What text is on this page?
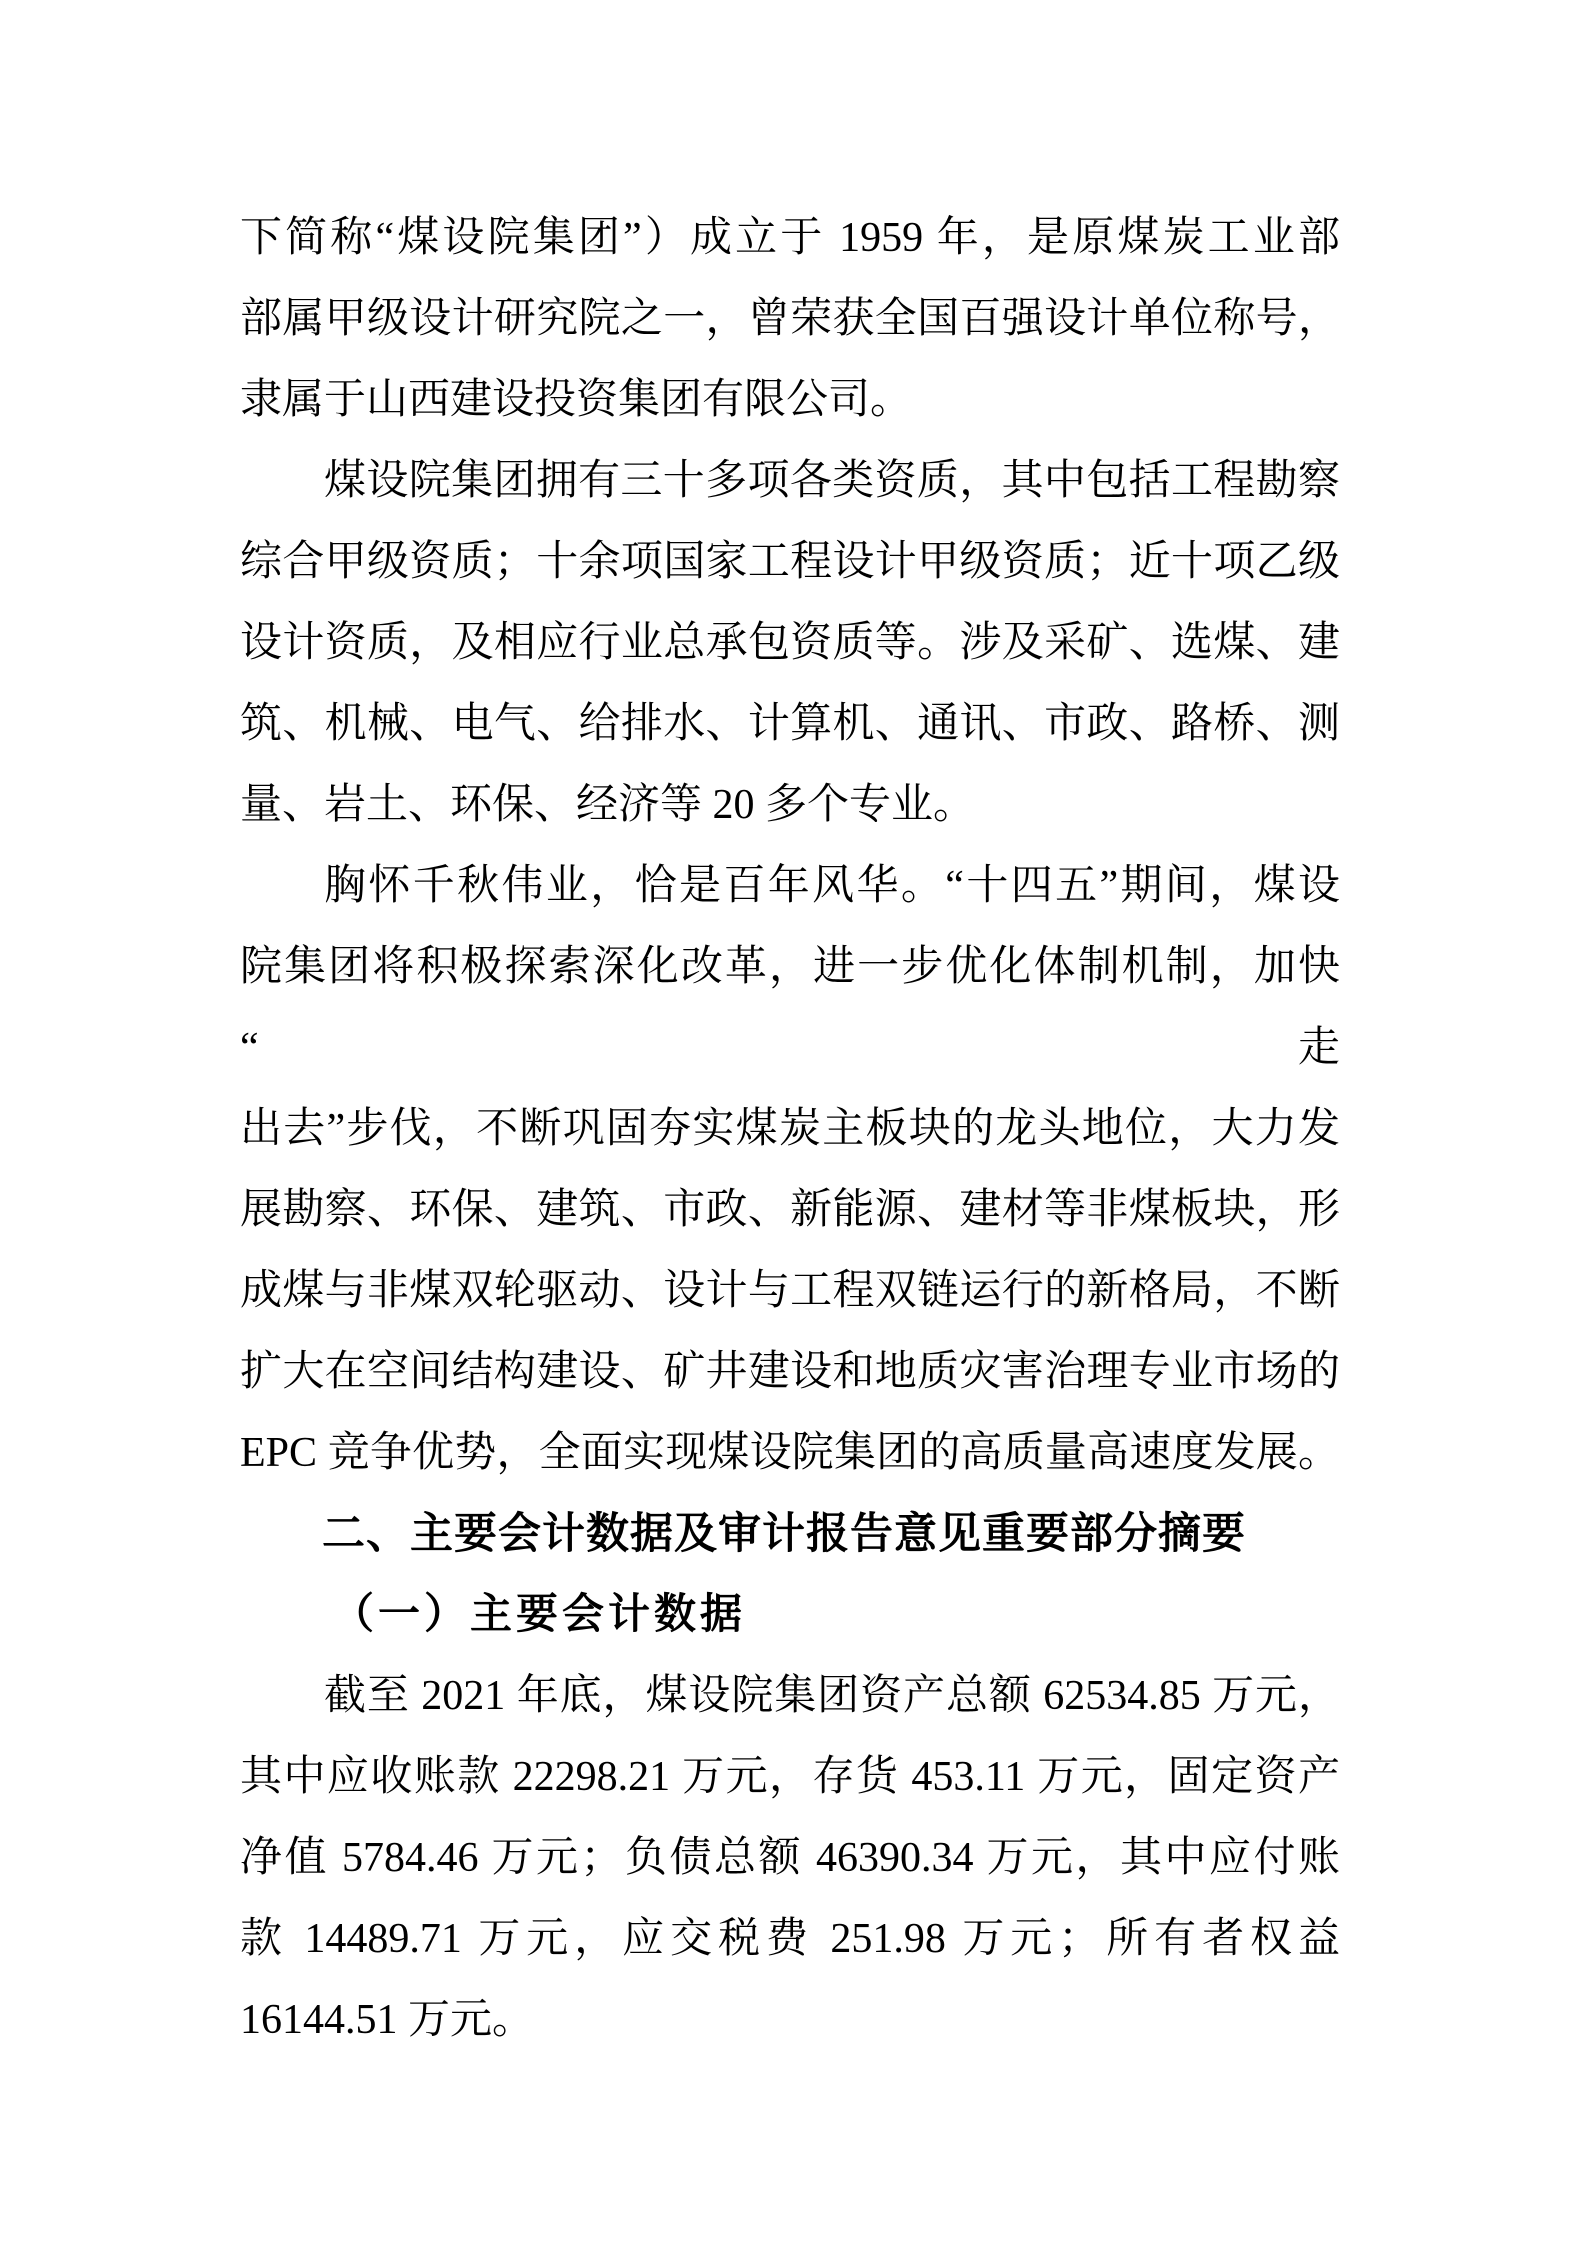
下简称“煤设院集团”）成立于 1959 年，是原煤炭工业部
部属甲级设计研究院之一，曾荣获全国百强设计单位称号，
隶属于山西建设投资集团有限公司。
煤设院集团拥有三十多项各类资质，其中包括工程勘察
综合甲级资质；十余项国家工程设计甲级资质；近十项乙级
设计资质，及相应行业总承包资质等。涉及采矿、选煤、建
筑、机械、电气、给排水、计算机、通讯、市政、路桥、测
量、岩土、环保、经济等 20 多个专业。
胸怀千秋伟业，恰是百年风华。“十四五”期间，煤设
院集团将积极探索深化改革，进一步优化体制机制，加快“走
出去”步伐，不断巩固夯实煤炭主板块的龙头地位，大力发
展勘察、环保、建筑、市政、新能源、建材等非煤板块，形
成煤与非煤双轮驱动、设计与工程双链运行的新格局，不断
扩大在空间结构建设、矿井建设和地质灾害治理专业市场的
EPC 竞争优势，全面实现煤设院集团的高质量高速度发展。
二、主要会计数据及审计报告意见重要部分摘要
（一）主要会计数据
截至 2021 年底，煤设院集团资产总额 62534.85 万元，
其中应收账款 22298.21 万元，存货 453.11 万元，固定资产
净值 5784.46 万元；负债总额 46390.34 万元，其中应付账
款 14489.71 万元，应交税费 251.98 万元；所有者权益
16144.51 万元。
